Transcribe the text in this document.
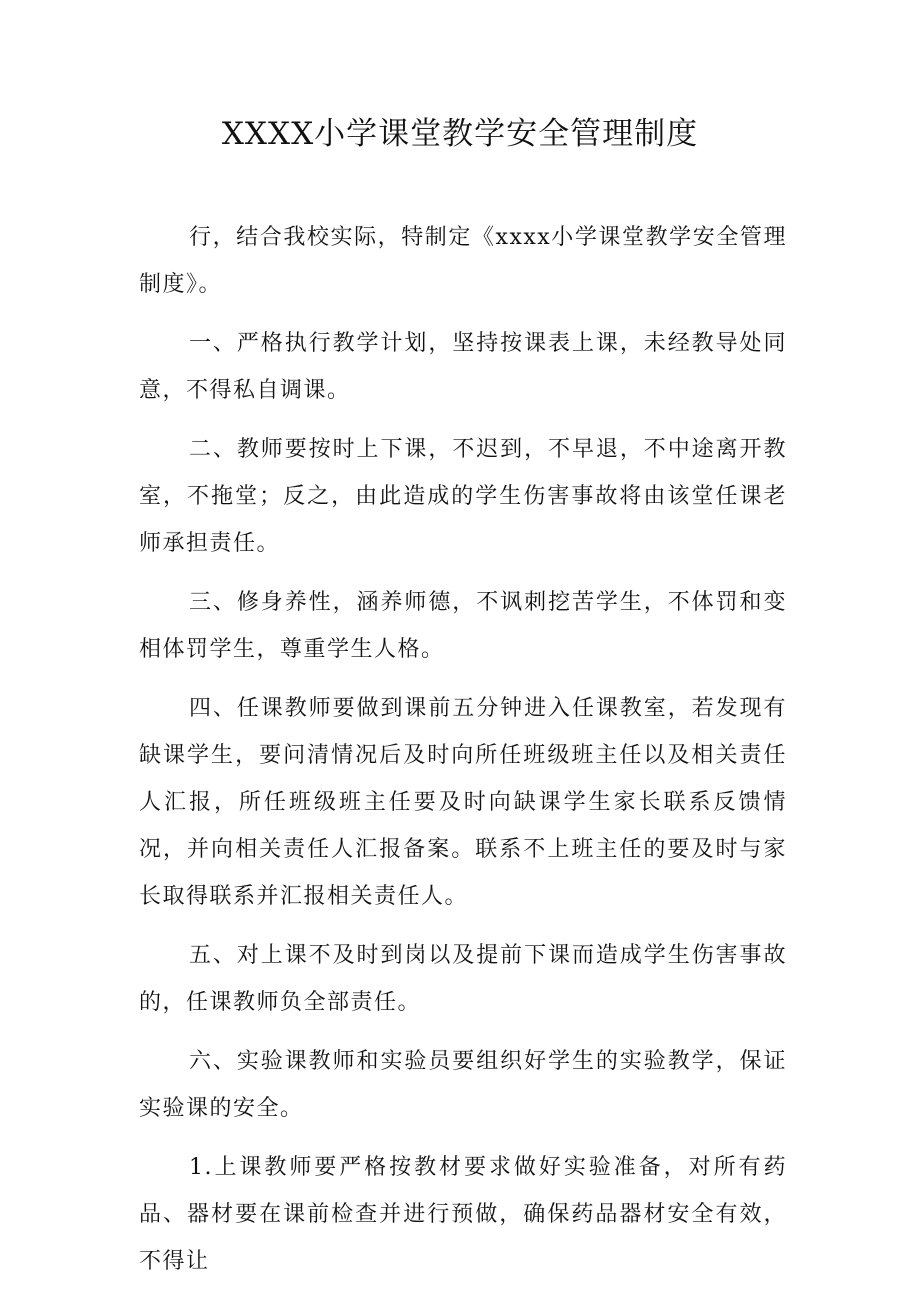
XXXX小学课堂教学安全管理制度

行，结合我校实际，特制定《xxxx小学课堂教学安全管理制度》。

一、严格执行教学计划，坚持按课表上课，未经教导处同意，不得私自调课。

二、教师要按时上下课，不迟到，不早退，不中途离开教室，不拖堂；反之，由此造成的学生伤害事故将由该堂任课老师承担责任。

三、修身养性，涵养师德，不讽刺挖苦学生，不体罚和变相体罚学生，尊重学生人格。

四、任课教师要做到课前五分钟进入任课教室，若发现有缺课学生，要问清情况后及时向所任班级班主任以及相关责任人汇报，所任班级班主任要及时向缺课学生家长联系反馈情况，并向相关责任人汇报备案。联系不上班主任的要及时与家长取得联系并汇报相关责任人。

五、对上课不及时到岗以及提前下课而造成学生伤害事故的，任课教师负全部责任。

六、实验课教师和实验员要组织好学生的实验教学，保证实验课的安全。

1.上课教师要严格按教材要求做好实验准备，对所有药品、器材要在课前检查并进行预做，确保药品器材安全有效，不得让
